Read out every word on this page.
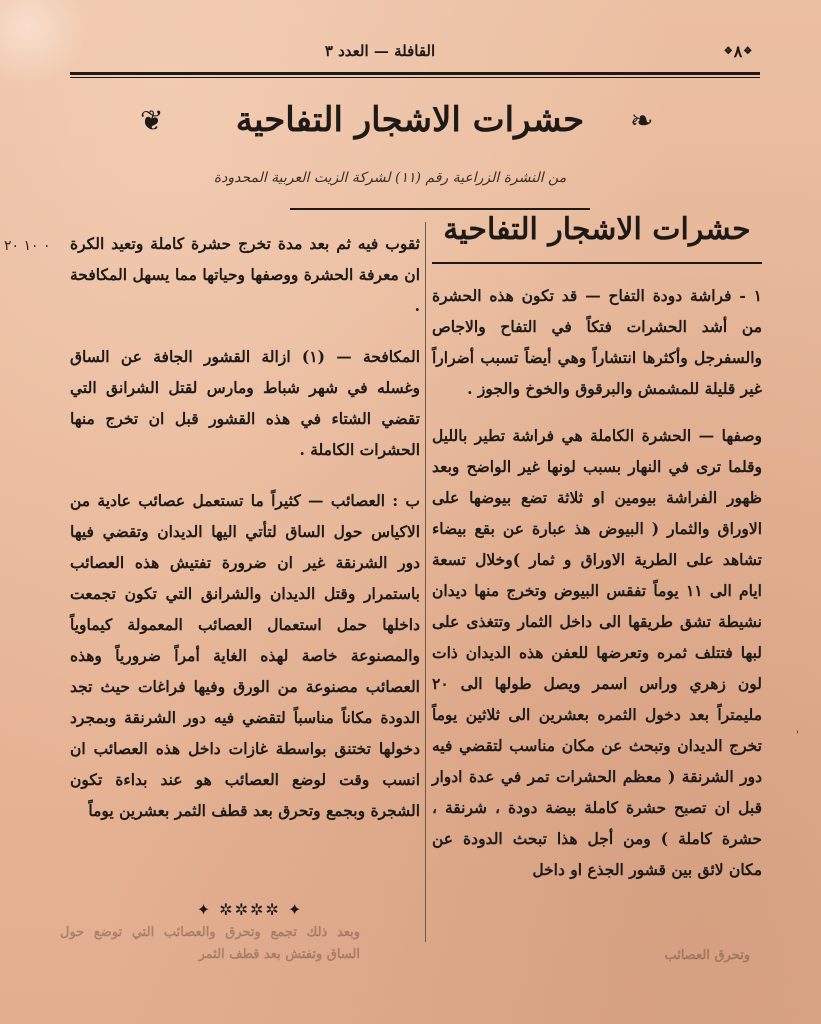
القافلة — العدد ٣
❖	٨ ❖
❦	حشرات الاشجار التفاحية	❧
من النشرة الزراعية رقم (١١) لشركة الزيت العربية المحدودة
حشرات الاشجار التفاحية

١ - فراشة دودة التفاح — قد تكون هذه الحشرة من أشد الحشرات فتكاً في التفاح والاجاص والسفرجل وأكثرها انتشاراً وهي أيضاً تسبب أضراراً غير قليلة للمشمش والبرقوق والخوخ والجوز .

وصفها — الحشرة الكاملة هي فراشة تطير بالليل وقلما ترى في النهار بسبب لونها غير الواضح وبعد ظهور الفراشة بيومين او ثلاثة تضع بيوضها على الاوراق والثمار ( البيوض هذ عبارة عن بقع بيضاء تشاهد على الطرية الاوراق و ثمار )وخلال تسعة ايام الى ١١ يوماً تفقس البيوض وتخرج منها ديدان نشيطة تشق طريقها الى داخل الثمار وتتغذى على لبها فتتلف ثمره وتعرضها للعفن هذه الديدان ذات لون زهري وراس اسمر ويصل طولها الى ٢٠ مليمتراً بعد دخول الثمره بعشرين الى ثلاثين يوماً تخرج الديدان وتبحث عن مكان مناسب لتقضي فيه دور الشرنقة ( معظم الحشرات تمر في عدة ادوار قبل ان تصبح حشرة كاملة بيضة دودة ، شرنقة ، حشرة كاملة ) ومن أجل هذا تبحث الدودة عن مكان لائق بين قشور الجذع او داخل

ثقوب فيه ثم بعد مدة تخرج حشرة كاملة وتعيد الكرة ان معرفة الحشرة ووصفها وحياتها مما يسهل المكافحة .

المكافحة — (١) ازالة القشور الجافة عن الساق وغسله في شهر شباط ومارس لقتل الشرانق التي تقضي الشتاء في هذه القشور قبل ان تخرج منها الحشرات الكاملة .

ب : العصائب — كثيراً ما تستعمل عصائب عادية من الاكياس حول الساق لتأتي اليها الديدان وتقضي فيها دور الشرنقة غير ان ضرورة تفتيش هذه العصائب باستمرار وقتل الديدان والشرانق التي تكون تجمعت داخلها حمل استعمال العصائب المعمولة كيماوياً والمصنوعة خاصة لهذه الغاية أمراً ضرورياً وهذه العصائب مصنوعة من الورق وفيها فراغات حيث تجد الدودة مكاناً مناسباً لتقضي فيه دور الشرنقة وبمجرد دخولها تختنق بواسطة غازات داخل هذه العصائب ان انسب وقت لوضع العصائب هو عند بداءة تكون الشجرة وبجمع وتحرق بعد قطف الثمر بعشرين يوماً

✦ ✲✲✲✲ ✦
وبعد ذلك تجمع وتحرق والعصائب التي توضع حول الساق وتفتش بعد قطف الثمر	وتحرق العصائب
٠ ١٠ ٢٠
'
